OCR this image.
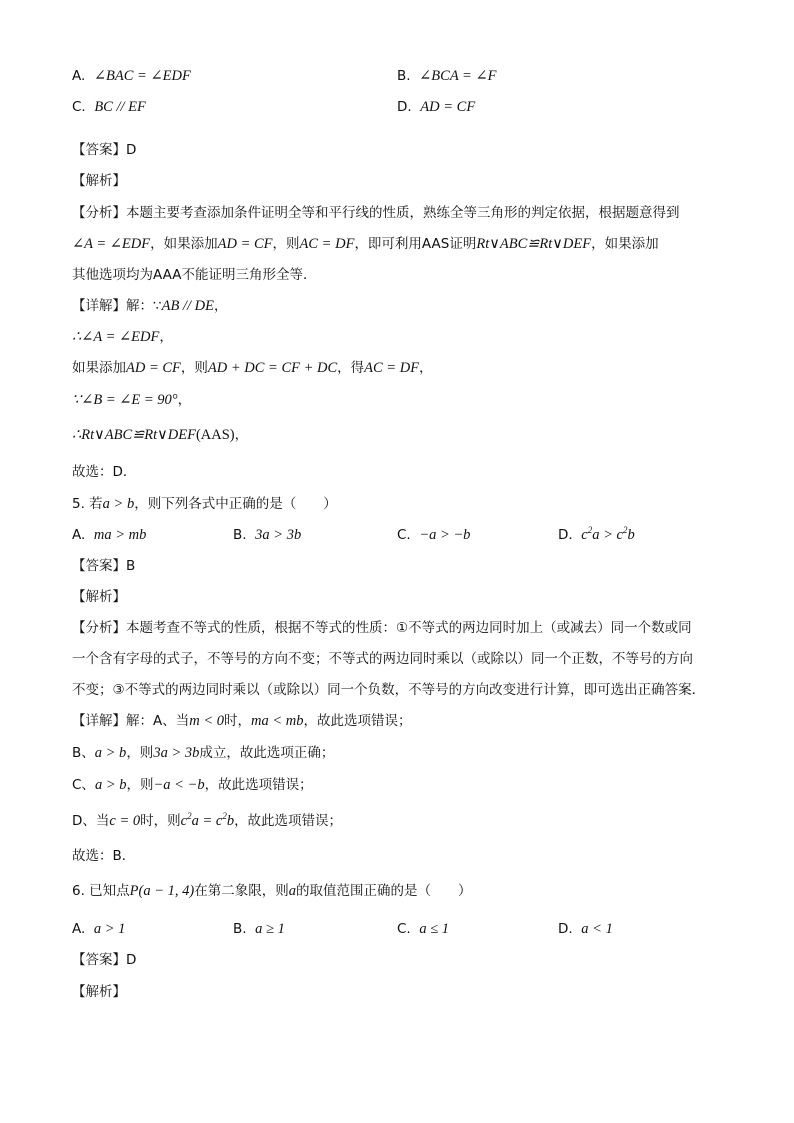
A. ∠BAC = ∠EDF	B. ∠BCA = ∠F
C. BC // EF	D. AD = CF
【答案】D
【解析】
【分析】本题主要考查添加条件证明全等和平行线的性质，熟练全等三角形的判定依据，根据题意得到
∠A = ∠EDF，如果添加AD = CF，则AC = DF，即可利用AAS证明Rt∨ABC≌Rt∨DEF，如果添加
其他选项均为AAA不能证明三角形全等．
【详解】解：∵AB // DE，
∴∠A = ∠EDF，
如果添加AD = CF，则AD + DC = CF + DC，得AC = DF，
∵∠B = ∠E = 90°，
∴Rt∨ABC≌Rt∨DEF(AAS)，
故选：D．
5. 若a > b，则下列各式中正确的是（　　）
A. ma > mb	B. 3a > 3b	C. −a > −b	D. $c^2a > c^2b$
【答案】B
【解析】
【分析】本题考查不等式的性质，根据不等式的性质：①不等式的两边同时加上（或减去）同一个数或同
一个含有字母的式子，不等号的方向不变；不等式的两边同时乘以（或除以）同一个正数，不等号的方向
不变；③不等式的两边同时乘以（或除以）同一个负数，不等号的方向改变进行计算，即可选出正确答案．
【详解】解：A、当m < 0时，ma < mb，故此选项错误；
B、a > b，则3a > 3b成立，故此选项正确；
C、a > b，则−a < −b，故此选项错误；
D、当c = 0时，则$c^2a = c^2b$，故此选项错误；
故选：B．
6. 已知点P(a − 1, 4)在第二象限，则a的取值范围正确的是（　　）
A. a > 1	B. a ≥ 1	C. a ≤ 1	D. a < 1
【答案】D
【解析】
